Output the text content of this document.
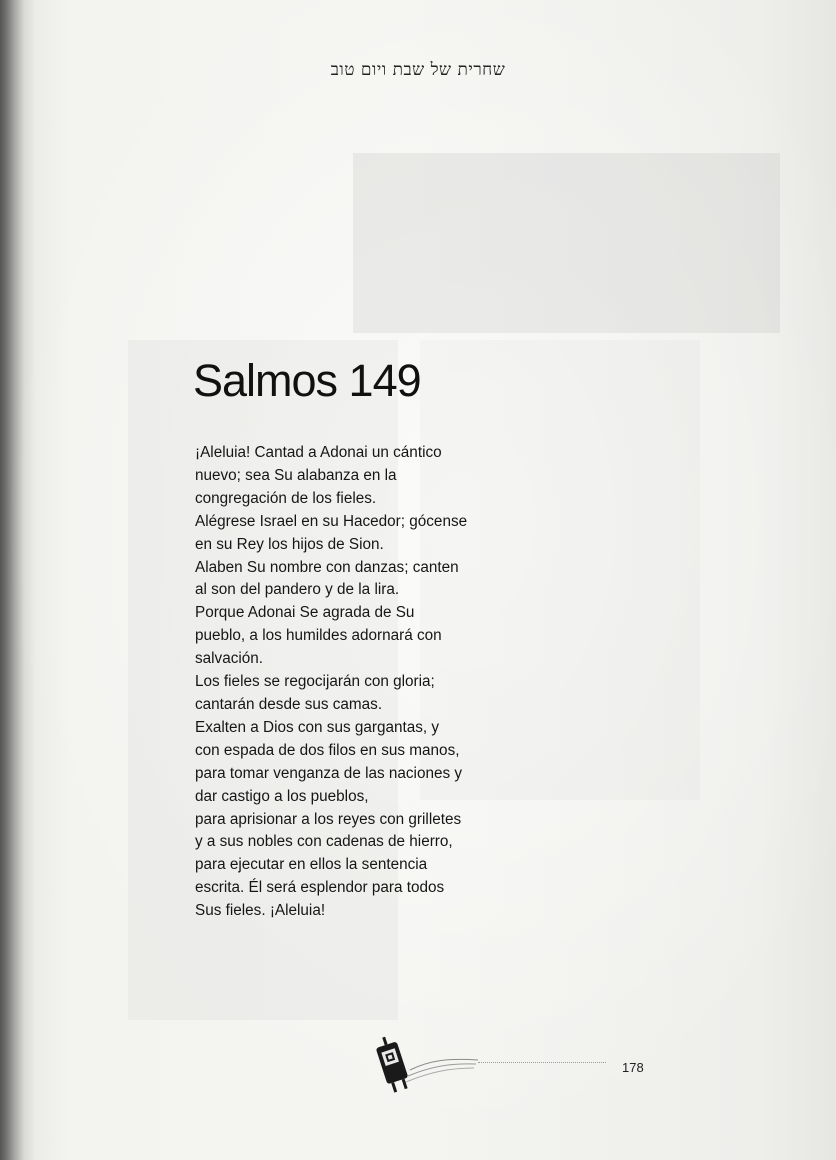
שחרית של שבת ויום טוב
Salmos 149
¡Aleluia! Cantad a Adonai un cántico
nuevo; sea Su alabanza en la
congregación de los fieles.
Alégrese Israel en su Hacedor; gócense
en su Rey los hijos de Sion.
Alaben Su nombre con danzas; canten
al son del pandero y de la lira.
Porque Adonai Se agrada de Su
pueblo, a los humildes adornará con
salvación.
Los fieles se regocijarán con gloria;
cantarán desde sus camas.
Exalten a Dios con sus gargantas, y
con espada de dos filos en sus manos,
para tomar venganza de las naciones y
dar castigo a los pueblos,
para aprisionar a los reyes con grilletes
y a sus nobles con cadenas de hierro,
para ejecutar en ellos la sentencia
escrita. Él será esplendor para todos
Sus fieles. ¡Aleluia!
178
